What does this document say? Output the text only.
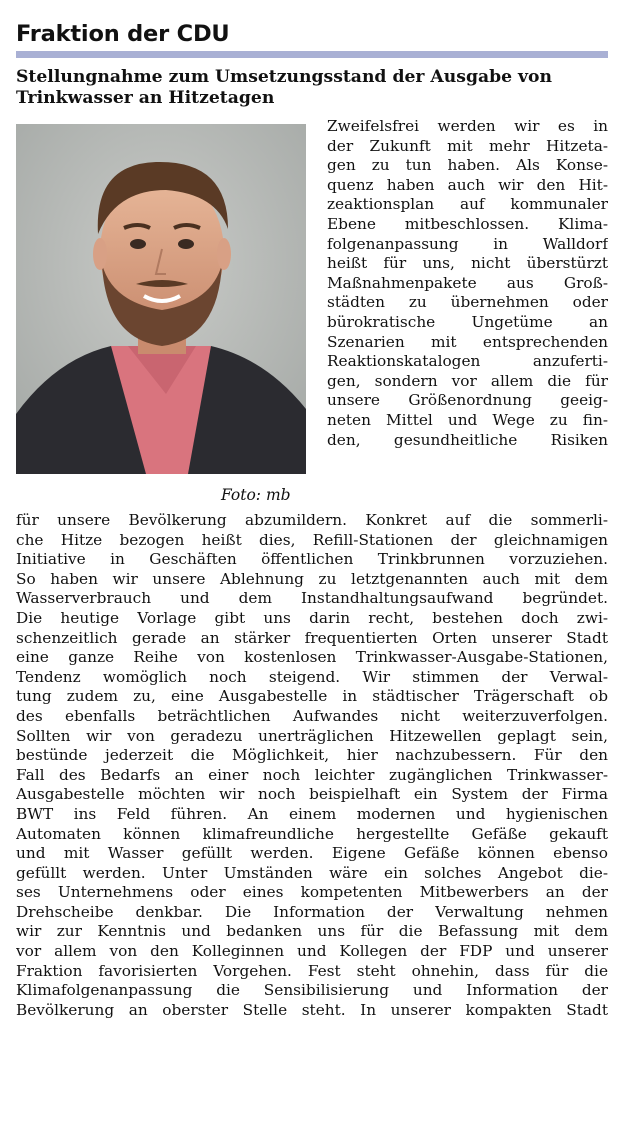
Fraktion der CDU
Stellungnahme zum Umsetzungsstand der Ausgabe von
Trinkwasser an Hitzetagen
Foto: mb
Zweifelsfrei werden wir es in
der Zukunft mit mehr Hitzeta-
gen zu tun haben. Als Konse-
quenz haben auch wir den Hit-
zeaktionsplan auf kommunaler
Ebene mitbeschlossen. Klima-
folgenanpassung in Walldorf
heißt für uns, nicht überstürzt
Maßnahmenpakete aus Groß-
städten zu übernehmen oder
bürokratische Ungetüme an
Szenarien mit entsprechenden
Reaktionskatalogen anzuferti-
gen, sondern vor allem die für
unsere Größenordnung geeig-
neten Mittel und Wege zu fin-
den, gesundheitliche Risiken
für unsere Bevölkerung abzumildern. Konkret auf die sommerli-
che Hitze bezogen heißt dies, Refill-Stationen der gleichnamigen
Initiative in Geschäften öffentlichen Trinkbrunnen vorzuziehen.
So haben wir unsere Ablehnung zu letztgenannten auch mit dem
Wasserverbrauch und dem Instandhaltungsaufwand begründet.
Die heutige Vorlage gibt uns darin recht, bestehen doch zwi-
schenzeitlich gerade an stärker frequentierten Orten unserer Stadt
eine ganze Reihe von kostenlosen Trinkwasser-Ausgabe-Stationen,
Tendenz womöglich noch steigend. Wir stimmen der Verwal-
tung zudem zu, eine Ausgabestelle in städtischer Trägerschaft ob
des ebenfalls beträchtlichen Aufwandes nicht weiterzuverfolgen.
Sollten wir von geradezu unerträglichen Hitzewellen geplagt sein,
bestünde jederzeit die Möglichkeit, hier nachzubessern. Für den
Fall des Bedarfs an einer noch leichter zugänglichen Trinkwasser-
Ausgabestelle möchten wir noch beispielhaft ein System der Firma
BWT ins Feld führen. An einem modernen und hygienischen
Automaten können klimafreundliche hergestellte Gefäße gekauft
und mit Wasser gefüllt werden. Eigene Gefäße können ebenso
gefüllt werden. Unter Umständen wäre ein solches Angebot die-
ses Unternehmens oder eines kompetenten Mitbewerbers an der
Drehscheibe denkbar. Die Information der Verwaltung nehmen
wir zur Kenntnis und bedanken uns für die Befassung mit dem
vor allem von den Kolleginnen und Kollegen der FDP und unserer
Fraktion favorisierten Vorgehen. Fest steht ohnehin, dass für die
Klimafolgenanpassung die Sensibilisierung und Information der
Bevölkerung an oberster Stelle steht. In unserer kompakten Stadt
